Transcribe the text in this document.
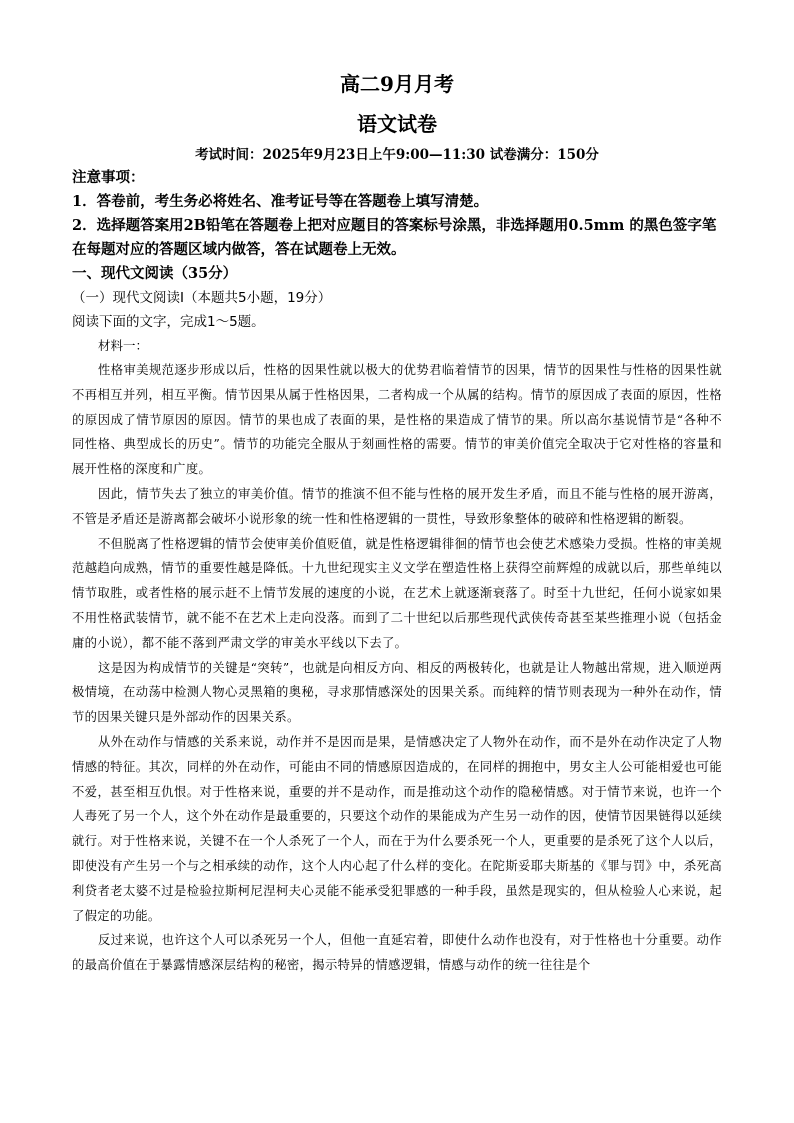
高二9月月考
语文试卷
考试时间：2025年9月23日上午9:00—11:30 试卷满分：150分
注意事项：
1．答卷前，考生务必将姓名、准考证号等在答题卷上填写清楚。
2．选择题答案用2B铅笔在答题卷上把对应题目的答案标号涂黑，非选择题用0.5mm 的黑色签字笔在每题对应的答题区域内做答，答在试题卷上无效。
一、现代文阅读（35分）
（一）现代文阅读Ⅰ（本题共5小题，19分）
阅读下面的文字，完成1～5题。
材料一：

性格审美规范逐步形成以后，性格的因果性就以极大的优势君临着情节的因果，情节的因果性与性格的因果性就不再相互并列，相互平衡。情节因果从属于性格因果，二者构成一个从属的结构。情节的原因成了表面的原因，性格的原因成了情节原因的原因。情节的果也成了表面的果，是性格的果造成了情节的果。所以高尔基说情节是“各种不同性格、典型成长的历史”。情节的功能完全服从于刻画性格的需要。情节的审美价值完全取决于它对性格的容量和展开性格的深度和广度。

因此，情节失去了独立的审美价值。情节的推演不但不能与性格的展开发生矛盾，而且不能与性格的展开游离，不管是矛盾还是游离都会破坏小说形象的统一性和性格逻辑的一贯性，导致形象整体的破碎和性格逻辑的断裂。

不但脱离了性格逻辑的情节会使审美价值贬值，就是性格逻辑徘徊的情节也会使艺术感染力受损。性格的审美规范越趋向成熟，情节的重要性越是降低。十九世纪现实主义文学在塑造性格上获得空前辉煌的成就以后，那些单纯以情节取胜，或者性格的展示赶不上情节发展的速度的小说，在艺术上就逐渐衰落了。时至十九世纪，任何小说家如果不用性格武装情节，就不能不在艺术上走向没落。而到了二十世纪以后那些现代武侠传奇甚至某些推理小说（包括金庸的小说），都不能不落到严肃文学的审美水平线以下去了。

这是因为构成情节的关键是“突转”，也就是向相反方向、相反的两极转化，也就是让人物越出常规，进入顺逆两极情境，在动荡中检测人物心灵黑箱的奥秘，寻求那情感深处的因果关系。而纯粹的情节则表现为一种外在动作，情节的因果关键只是外部动作的因果关系。

从外在动作与情感的关系来说，动作并不是因而是果，是情感决定了人物外在动作，而不是外在动作决定了人物情感的特征。其次，同样的外在动作，可能由不同的情感原因造成的，在同样的拥抱中，男女主人公可能相爱也可能不爱，甚至相互仇恨。对于性格来说，重要的并不是动作，而是推动这个动作的隐秘情感。对于情节来说，也许一个人毒死了另一个人，这个外在动作是最重要的，只要这个动作的果能成为产生另一动作的因，使情节因果链得以延续就行。对于性格来说，关键不在一个人杀死了一个人，而在于为什么要杀死一个人，更重要的是杀死了这个人以后，即使没有产生另一个与之相承续的动作，这个人内心起了什么样的变化。在陀斯妥耶夫斯基的《罪与罚》中，杀死高利贷者老太婆不过是检验拉斯柯尼涅柯夫心灵能不能承受犯罪感的一种手段，虽然是现实的，但从检验人心来说，起了假定的功能。

反过来说，也许这个人可以杀死另一个人，但他一直延宕着，即使什么动作也没有，对于性格也十分重要。动作的最高价值在于暴露情感深层结构的秘密，揭示特异的情感逻辑，情感与动作的统一往往是个
